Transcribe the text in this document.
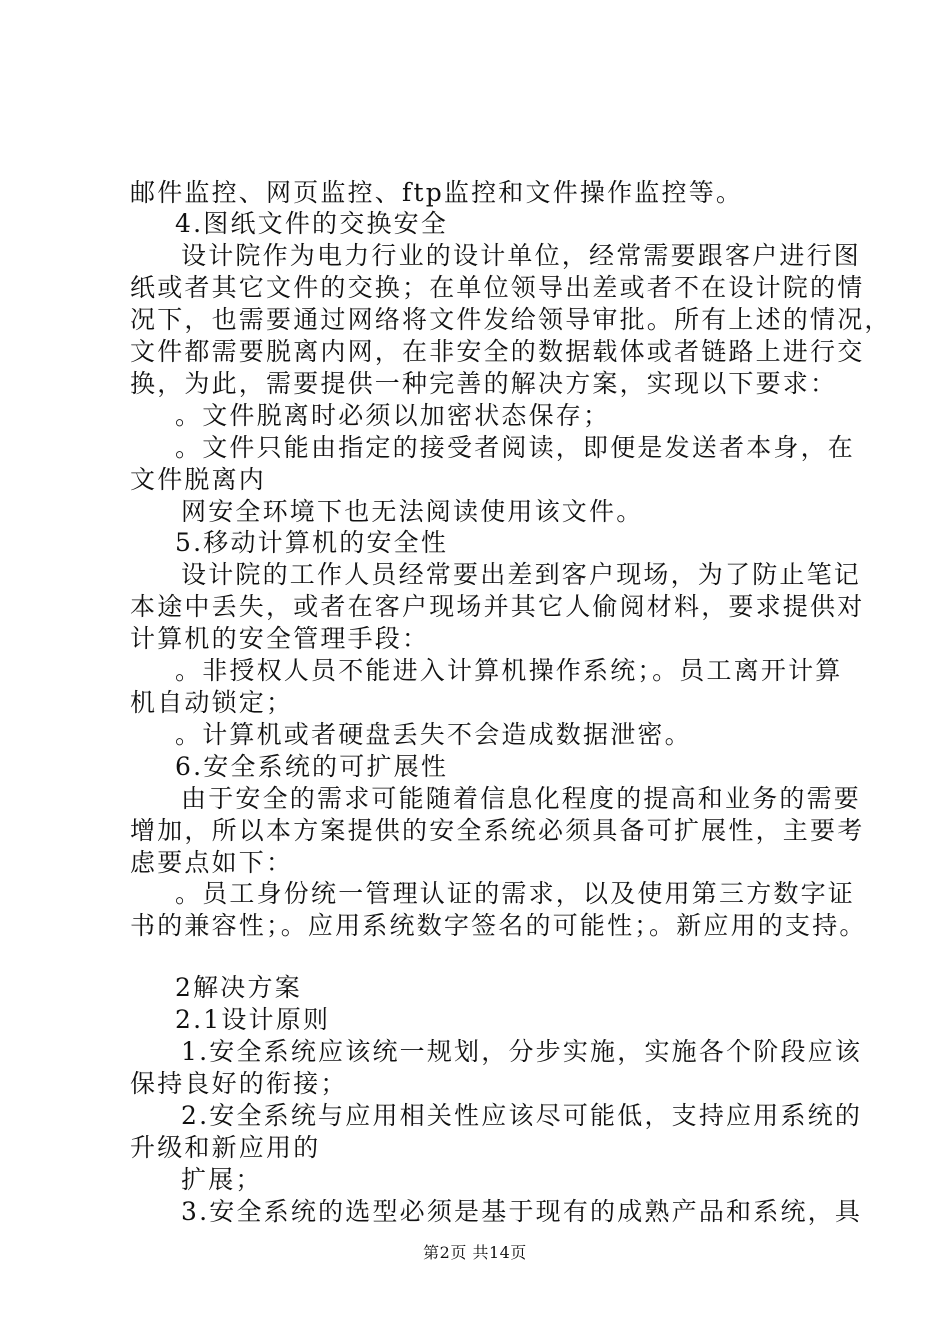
邮件监控、网页监控、ftp监控和文件操作监控等。
4.图纸文件的交换安全
设计院作为电力行业的设计单位，经常需要跟客户进行图
纸或者其它文件的交换；在单位领导出差或者不在设计院的情
况下，也需要通过网络将文件发给领导审批。所有上述的情况，
文件都需要脱离内网，在非安全的数据载体或者链路上进行交
换，为此，需要提供一种完善的解决方案，实现以下要求：
。文件脱离时必须以加密状态保存；
。文件只能由指定的接受者阅读，即便是发送者本身，在
文件脱离内
网安全环境下也无法阅读使用该文件。
5.移动计算机的安全性
设计院的工作人员经常要出差到客户现场，为了防止笔记
本途中丢失，或者在客户现场并其它人偷阅材料，要求提供对
计算机的安全管理手段：
。非授权人员不能进入计算机操作系统；。员工离开计算
机自动锁定；
。计算机或者硬盘丢失不会造成数据泄密。
6.安全系统的可扩展性
由于安全的需求可能随着信息化程度的提高和业务的需要
增加，所以本方案提供的安全系统必须具备可扩展性，主要考
虑要点如下：
。员工身份统一管理认证的需求，以及使用第三方数字证
书的兼容性；。应用系统数字签名的可能性；。新应用的支持。
2解决方案
2.1设计原则
1.安全系统应该统一规划，分步实施，实施各个阶段应该
保持良好的衔接；
2.安全系统与应用相关性应该尽可能低，支持应用系统的
升级和新应用的
扩展；
3.安全系统的选型必须是基于现有的成熟产品和系统，具
第2页 共14页
